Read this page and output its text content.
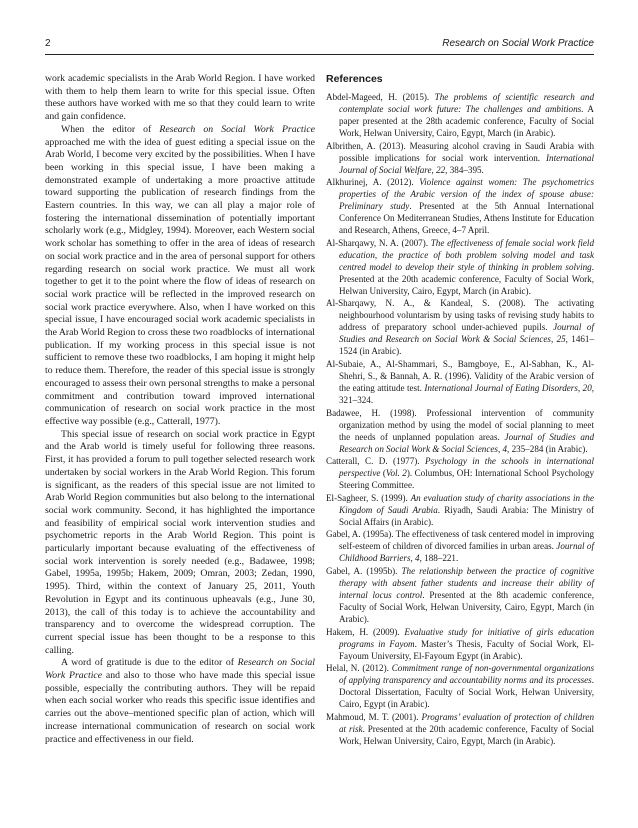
2	Research on Social Work Practice

work academic specialists in the Arab World Region. I have worked with them to help them learn to write for this special issue. Often these authors have worked with me so that they could learn to write and gain confidence.

When the editor of Research on Social Work Practice approached me with the idea of guest editing a special issue on the Arab World, I become very excited by the possibilities. When I have been working in this special issue, I have been making a demonstrated example of undertaking a more proactive attitude toward supporting the publication of research findings from the Eastern countries. In this way, we can all play a major role of fostering the international dissemination of potentially important scholarly work (e.g., Midgley, 1994). Moreover, each Western social work scholar has something to offer in the area of ideas of research on social work practice and in the area of personal support for others regarding research on social work practice. We must all work together to get it to the point where the flow of ideas of research on social work practice will be reflected in the improved research on social work practice everywhere. Also, when I have worked on this special issue, I have encouraged social work academic specialists in the Arab World Region to cross these two roadblocks of international publication. If my working process in this special issue is not sufficient to remove these two roadblocks, I am hoping it might help to reduce them. Therefore, the reader of this special issue is strongly encouraged to assess their own personal strengths to make a personal commitment and contribution toward improved international communication of research on social work practice in the most effective way possible (e.g., Catterall, 1977).

This special issue of research on social work practice in Egypt and the Arab world is timely useful for following three reasons. First, it has provided a forum to pull together selected research work undertaken by social workers in the Arab World Region. This forum is significant, as the readers of this special issue are not limited to Arab World Region communities but also belong to the international social work community. Second, it has highlighted the importance and feasibility of empirical social work intervention studies and psychometric reports in the Arab World Region. This point is particularly important because evaluating of the effectiveness of social work intervention is sorely needed (e.g., Badawee, 1998; Gabel, 1995a, 1995b; Hakem, 2009; Omran, 2003; Zedan, 1990, 1995). Third, within the context of January 25, 2011, Youth Revolution in Egypt and its continuous upheavals (e.g., June 30, 2013), the call of this today is to achieve the accountability and transparency and to overcome the widespread corruption. The current special issue has been thought to be a response to this calling.

A word of gratitude is due to the editor of Research on Social Work Practice and also to those who have made this special issue possible, especially the contributing authors. They will be repaid when each social worker who reads this specific issue identifies and carries out the above–mentioned specific plan of action, which will increase international communication of research on social work practice and effectiveness in our field.

References
Abdel-Mageed, H. (2015). The problems of scientific research and contemplate social work future: The challenges and ambitions. A paper presented at the 28th academic conference, Faculty of Social Work, Helwan University, Cairo, Egypt, March (in Arabic).
Albrithen, A. (2013). Measuring alcohol craving in Saudi Arabia with possible implications for social work intervention. International Journal of Social Welfare, 22, 384–395.
Alkhurinej, A. (2012). Violence against women: The psychometrics properties of the Arabic version of the index of spouse abuse: Preliminary study. Presented at the 5th Annual International Conference On Mediterranean Studies, Athens Institute for Education and Research, Athens, Greece, 4–7 April.
Al-Sharqawy, N. A. (2007). The effectiveness of female social work field education, the practice of both problem solving model and task centred model to develop their style of thinking in problem solving. Presented at the 20th academic conference, Faculty of Social Work, Helwan University, Cairo, Egypt, March (in Arabic).
Al-Sharqawy, N. A., & Kandeal, S. (2008). The activating neighbourhood voluntarism by using tasks of revising study habits to address of preparatory school under-achieved pupils. Journal of Studies and Research on Social Work & Social Sciences, 25, 1461–1524 (in Arabic).
Al-Subaie, A., Al-Shammari, S., Bamgboye, E., Al-Sabhan, K., Al-Shehri, S., & Bannah, A. R. (1996). Validity of the Arabic version of the eating attitude test. International Journal of Eating Disorders, 20, 321–324.
Badawee, H. (1998). Professional intervention of community organization method by using the model of social planning to meet the needs of unplanned population areas. Journal of Studies and Research on Social Work & Social Sciences, 4, 235–284 (in Arabic).
Catterall, C. D. (1977). Psychology in the schools in international perspective (Vol. 2). Columbus, OH: International School Psychology Steering Committee.
El-Sagheer, S. (1999). An evaluation study of charity associations in the Kingdom of Saudi Arabia. Riyadh, Saudi Arabia: The Ministry of Social Affairs (in Arabic).
Gabel, A. (1995a). The effectiveness of task centered model in improving self-esteem of children of divorced families in urban areas. Journal of Childhood Barriers, 4, 188–221.
Gabel, A. (1995b). The relationship between the practice of cognitive therapy with absent father students and increase their ability of internal locus control. Presented at the 8th academic conference, Faculty of Social Work, Helwan University, Cairo, Egypt, March (in Arabic).
Hakem, H. (2009). Evaluative study for initiative of girls education programs in Fayom. Master’s Thesis, Faculty of Social Work, El-Fayoum University, El-Fayoum Egypt (in Arabic).
Helal, N. (2012). Commitment range of non-governmental organizations of applying transparency and accountability norms and its processes. Doctoral Dissertation, Faculty of Social Work, Helwan University, Cairo, Egypt (in Arabic).
Mahmoud, M. T. (2001). Programs’ evaluation of protection of children at risk. Presented at the 20th academic conference, Faculty of Social Work, Helwan University, Cairo, Egypt, March (in Arabic).
